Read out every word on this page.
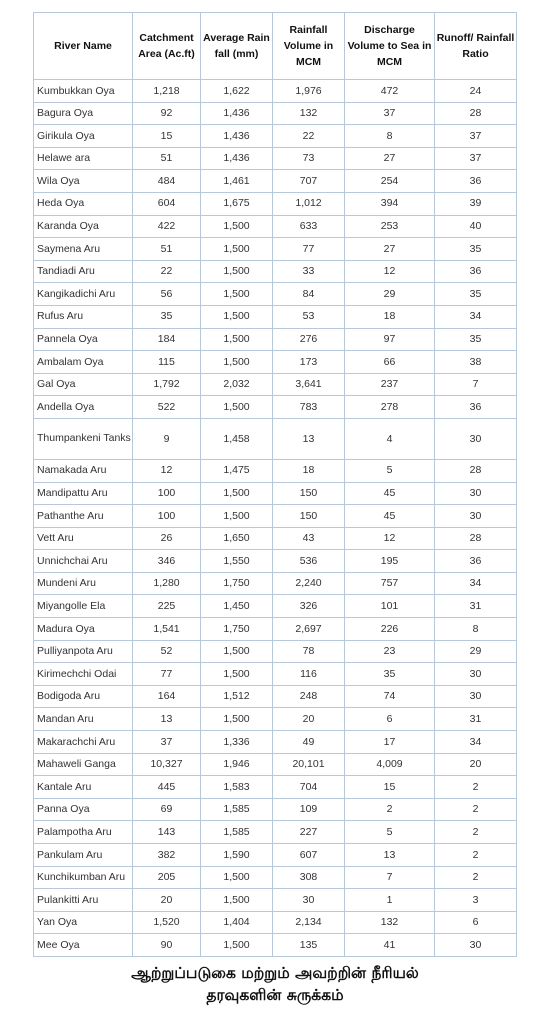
River Name	Catchment Area (Ac.ft)	Average Rain fall (mm)	Rainfall Volume in MCM	Discharge Volume to Sea in MCM	Runoff/ Rainfall Ratio
Kumbukkan Oya	1,218	1,622	1,976	472	24
Bagura Oya	92	1,436	132	37	28
Girikula Oya	15	1,436	22	8	37
Helawe ara	51	1,436	73	27	37
Wila Oya	484	1,461	707	254	36
Heda Oya	604	1,675	1,012	394	39
Karanda Oya	422	1,500	633	253	40
Saymena Aru	51	1,500	77	27	35
Tandiadi Aru	22	1,500	33	12	36
Kangikadichi Aru	56	1,500	84	29	35
Rufus Aru	35	1,500	53	18	34
Pannela Oya	184	1,500	276	97	35
Ambalam Oya	115	1,500	173	66	38
Gal Oya	1,792	2,032	3,641	237	7
Andella Oya	522	1,500	783	278	36
Thumpankeni Tanks	9	1,458	13	4	30
Namakada Aru	12	1,475	18	5	28
Mandipattu Aru	100	1,500	150	45	30
Pathanthe Aru	100	1,500	150	45	30
Vett Aru	26	1,650	43	12	28
Unnichchai Aru	346	1,550	536	195	36
Mundeni Aru	1,280	1,750	2,240	757	34
Miyangolle Ela	225	1,450	326	101	31
Madura Oya	1,541	1,750	2,697	226	8
Pulliyanpota Aru	52	1,500	78	23	29
Kirimechchi Odai	77	1,500	116	35	30
Bodigoda Aru	164	1,512	248	74	30
Mandan Aru	13	1,500	20	6	31
Makarachchi Aru	37	1,336	49	17	34
Mahaweli Ganga	10,327	1,946	20,101	4,009	20
Kantale Aru	445	1,583	704	15	2
Panna Oya	69	1,585	109	2	2
Palampotha Aru	143	1,585	227	5	2
Pankulam Aru	382	1,590	607	13	2
Kunchikumban Aru	205	1,500	308	7	2
Pulankitti Aru	20	1,500	30	1	3
Yan Oya	1,520	1,404	2,134	132	6
Mee Oya	90	1,500	135	41	30
ஆற்றுப்படுகை மற்றும் அவற்றின் நீரியல்
தரவுகளின் சுருக்கம்
